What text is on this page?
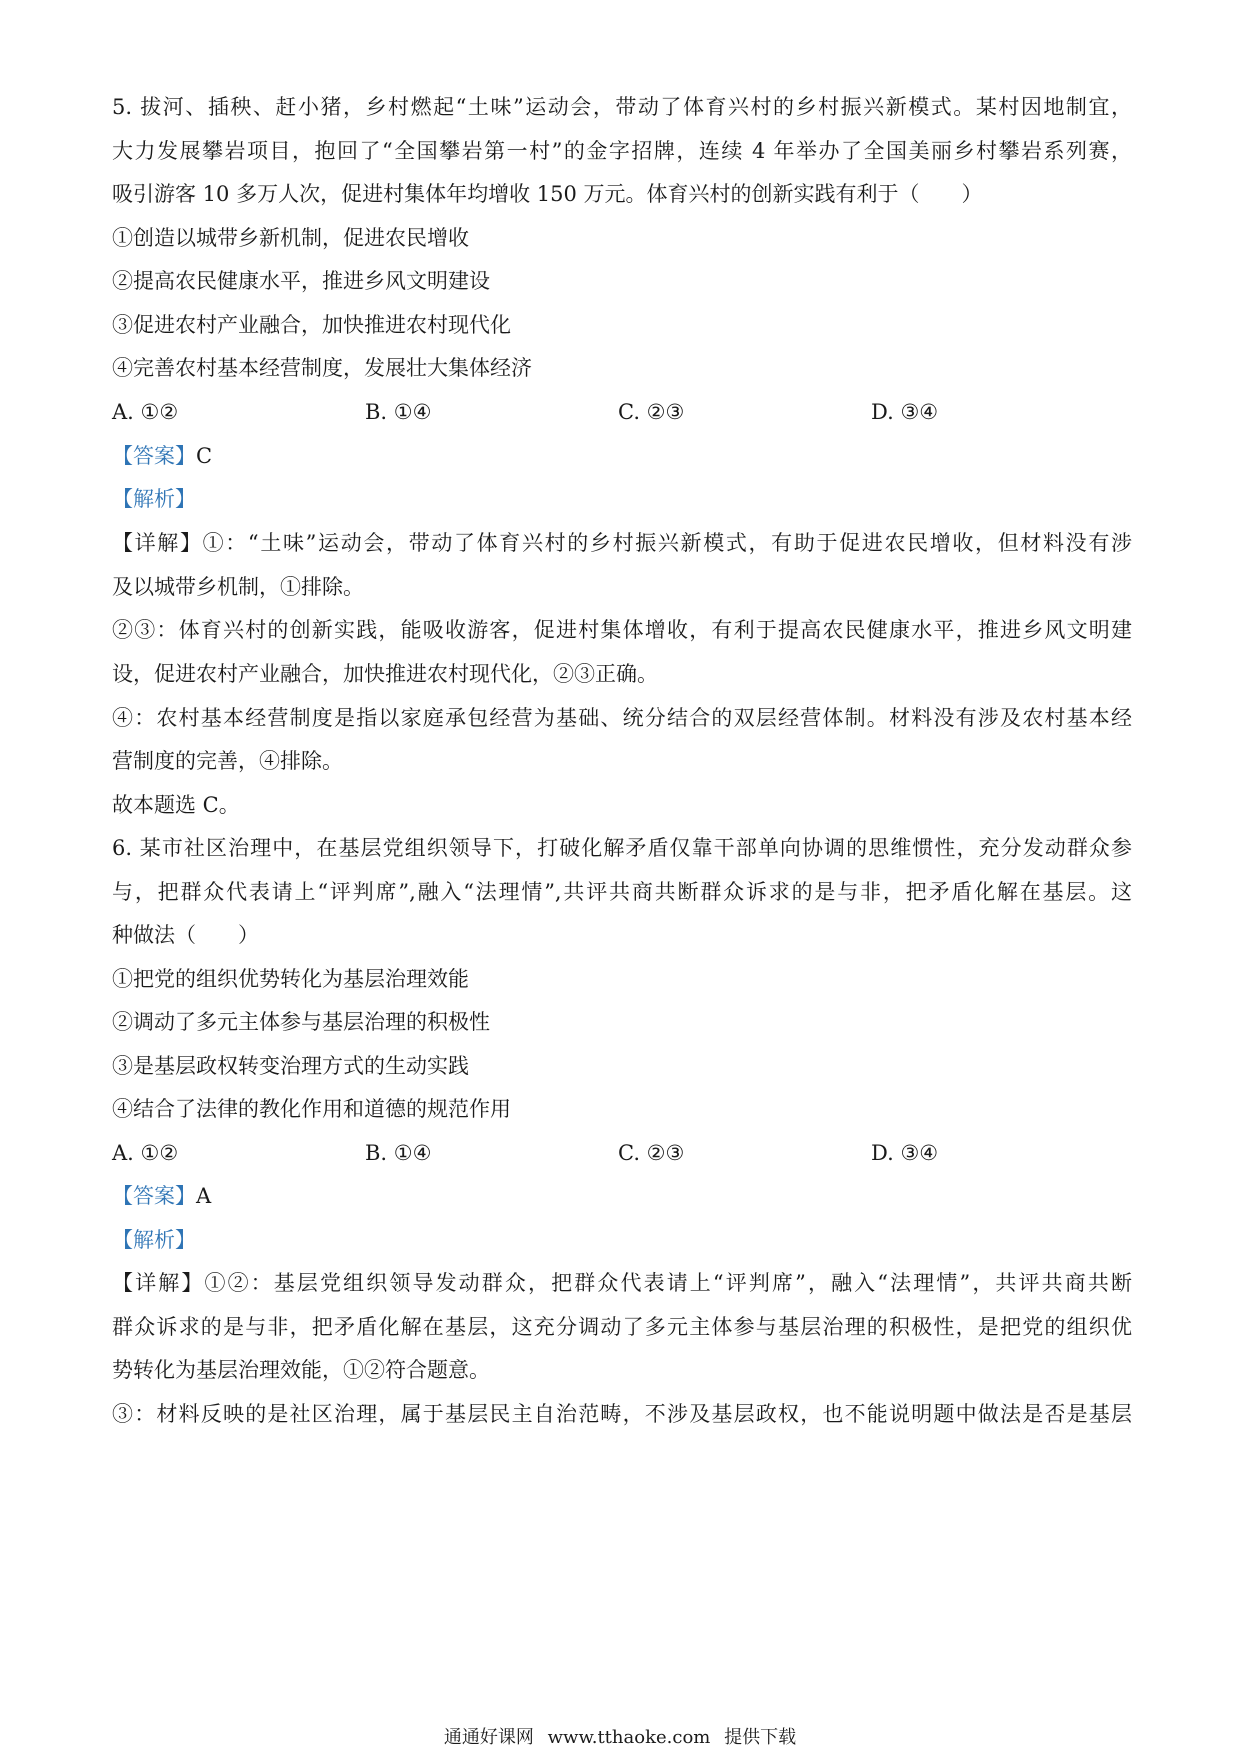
5. 拔河、插秧、赶小猪，乡村燃起“土味”运动会，带动了体育兴村的乡村振兴新模式。某村因地制宜，
大力发展攀岩项目，抱回了“全国攀岩第一村”的金字招牌，连续 4 年举办了全国美丽乡村攀岩系列赛，
吸引游客 10 多万人次，促进村集体年均增收 150 万元。体育兴村的创新实践有利于（　　）
①创造以城带乡新机制，促进农民增收
②提高农民健康水平，推进乡风文明建设
③促进农村产业融合，加快推进农村现代化
④完善农村基本经营制度，发展壮大集体经济
A. ①②	B. ①④	C. ②③	D. ③④
【答案】C
【解析】
【详解】①：“土味”运动会，带动了体育兴村的乡村振兴新模式，有助于促进农民增收，但材料没有涉
及以城带乡机制，①排除。
②③：体育兴村的创新实践，能吸收游客，促进村集体增收，有利于提高农民健康水平，推进乡风文明建
设，促进农村产业融合，加快推进农村现代化，②③正确。
④：农村基本经营制度是指以家庭承包经营为基础、统分结合的双层经营体制。材料没有涉及农村基本经
营制度的完善，④排除。
故本题选 C。
6. 某市社区治理中，在基层党组织领导下，打破化解矛盾仅靠干部单向协调的思维惯性，充分发动群众参
与，把群众代表请上“评判席”,融入“法理情”,共评共商共断群众诉求的是与非，把矛盾化解在基层。这
种做法（　　）
①把党的组织优势转化为基层治理效能
②调动了多元主体参与基层治理的积极性
③是基层政权转变治理方式的生动实践
④结合了法律的教化作用和道德的规范作用
A. ①②	B. ①④	C. ②③	D. ③④
【答案】A
【解析】
【详解】①②：基层党组织领导发动群众，把群众代表请上“评判席”，融入“法理情”，共评共商共断
群众诉求的是与非，把矛盾化解在基层，这充分调动了多元主体参与基层治理的积极性，是把党的组织优
势转化为基层治理效能，①②符合题意。
③：材料反映的是社区治理，属于基层民主自治范畴，不涉及基层政权，也不能说明题中做法是否是基层
通通好课网 www.tthaoke.com 提供下载
